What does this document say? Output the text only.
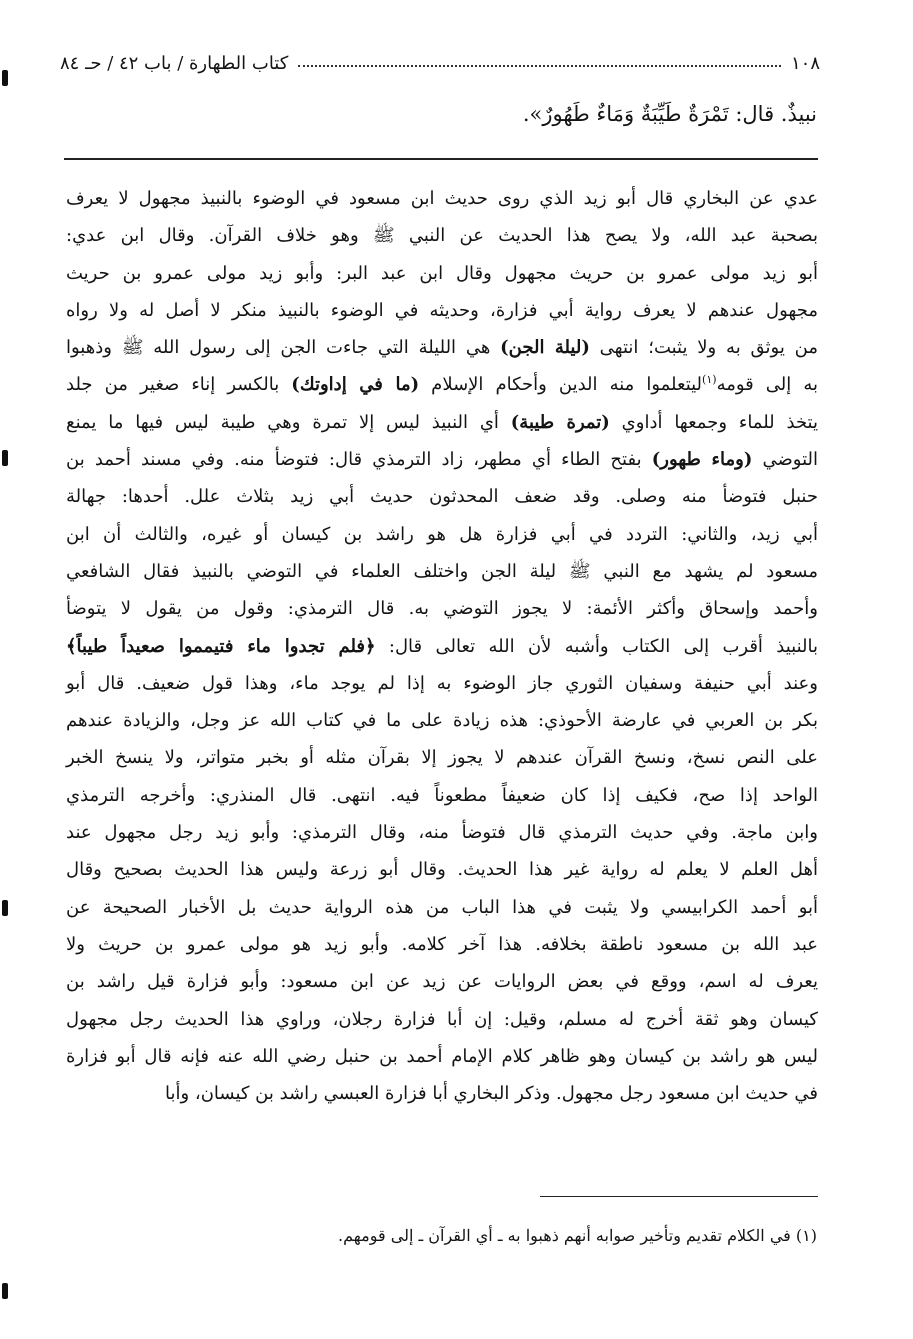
١٠٨
كتاب الطهارة / باب ٤٢ / حـ ٨٤
نبيذٌ. قال: تَمْرَةٌ طَيِّبَةٌ وَمَاءٌ طَهُورٌ».
عدي عن البخاري قال أبو زيد الذي روى حديث ابن مسعود في الوضوء بالنبيذ مجهول لا يعرف
بصحبة عبد الله، ولا يصح هذا الحديث عن النبي ﷺ وهو خلاف القرآن. وقال ابن عدي:
أبو زيد مولى عمرو بن حريث مجهول وقال ابن عبد البر: وأبو زيد مولى عمرو بن حريث
مجهول عندهم لا يعرف رواية أبي فزارة، وحديثه في الوضوء بالنبيذ منكر لا أصل له ولا رواه
من يوثق به ولا يثبت؛ انتهى (ليلة الجن) هي الليلة التي جاءت الجن إلى رسول الله ﷺ وذهبوا
به إلى قومه$^{(١)}$ليتعلموا منه الدين وأحكام الإسلام (ما في إداوتك) بالكسر إناء صغير من جلد
يتخذ للماء وجمعها أداوي (تمرة طيبة) أي النبيذ ليس إلا تمرة وهي طيبة ليس فيها ما يمنع
التوضي (وماء طهور) بفتح الطاء أي مطهر، زاد الترمذي قال: فتوضأ منه. وفي مسند أحمد بن
حنبل فتوضأ منه وصلى. وقد ضعف المحدثون حديث أبي زيد بثلاث علل. أحدها: جهالة
أبي زيد، والثاني: التردد في أبي فزارة هل هو راشد بن كيسان أو غيره، والثالث أن ابن
مسعود لم يشهد مع النبي ﷺ ليلة الجن واختلف العلماء في التوضي بالنبيذ فقال الشافعي
وأحمد وإسحاق وأكثر الأئمة: لا يجوز التوضي به. قال الترمذي: وقول من يقول لا يتوضأ
بالنبيذ أقرب إلى الكتاب وأشبه لأن الله تعالى قال: ﴿فلم تجدوا ماء فتيمموا صعيداً طيباً﴾
وعند أبي حنيفة وسفيان الثوري جاز الوضوء به إذا لم يوجد ماء، وهذا قول ضعيف. قال أبو
بكر بن العربي في عارضة الأحوذي: هذه زيادة على ما في كتاب الله عز وجل، والزيادة عندهم
على النص نسخ، ونسخ القرآن عندهم لا يجوز إلا بقرآن مثله أو بخبر متواتر، ولا ينسخ الخبر
الواحد إذا صح، فكيف إذا كان ضعيفاً مطعوناً فيه. انتهى. قال المنذري: وأخرجه الترمذي
وابن ماجة. وفي حديث الترمذي قال فتوضأ منه، وقال الترمذي: وأبو زيد رجل مجهول عند
أهل العلم لا يعلم له رواية غير هذا الحديث. وقال أبو زرعة وليس هذا الحديث بصحيح وقال
أبو أحمد الكرابيسي ولا يثبت في هذا الباب من هذه الرواية حديث بل الأخبار الصحيحة عن
عبد الله بن مسعود ناطقة بخلافه. هذا آخر كلامه. وأبو زيد هو مولى عمرو بن حريث ولا
يعرف له اسم، ووقع في بعض الروايات عن زيد عن ابن مسعود: وأبو فزارة قيل راشد بن
كيسان وهو ثقة أخرج له مسلم، وقيل: إن أبا فزارة رجلان، وراوي هذا الحديث رجل مجهول
ليس هو راشد بن كيسان وهو ظاهر كلام الإمام أحمد بن حنبل رضي الله عنه فإنه قال أبو فزارة
في حديث ابن مسعود رجل مجهول. وذكر البخاري أبا فزارة العبسي راشد بن كيسان، وأبا
(١) في الكلام تقديم وتأخير صوابه أنهم ذهبوا به ـ أي القرآن ـ إلى قومهم.
